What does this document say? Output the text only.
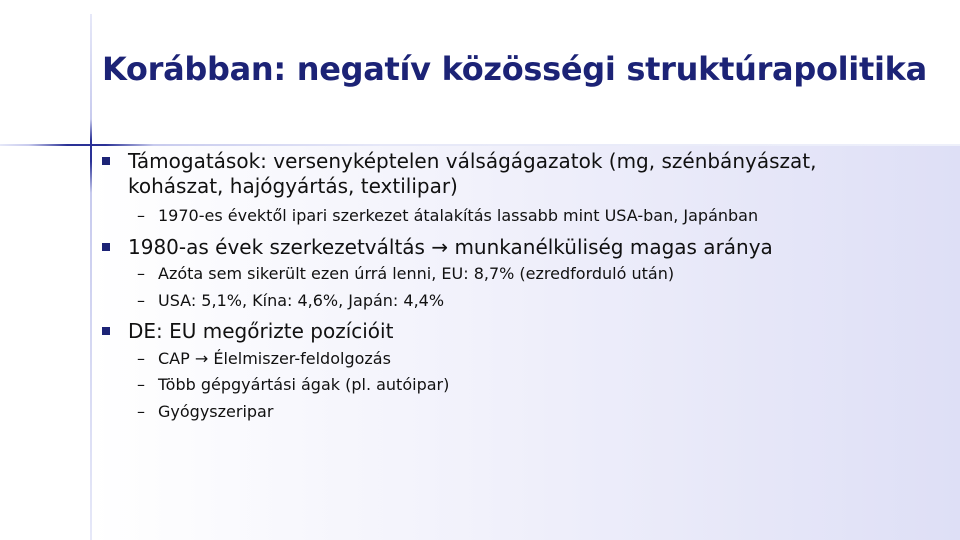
Korábban: negatív közösségi struktúrapolitika

Támogatások: versenyképtelen válságágazatok (mg, szénbányászat,

kohászat, hajógyártás, textilipar)

– 1970-es évektől ipari szerkezet átalakítás lassabb mint USA-ban, Japánban

1980-as évek szerkezetváltás → munkanélküliség magas aránya

– Azóta sem sikerült ezen úrrá lenni, EU: 8,7% (ezredforduló után)

– USA: 5,1%, Kína: 4,6%, Japán: 4,4%

DE: EU megőrizte pozícióit

– CAP → Élelmiszer-feldolgozás

– Több gépgyártási ágak (pl. autóipar)

– Gyógyszeripar
